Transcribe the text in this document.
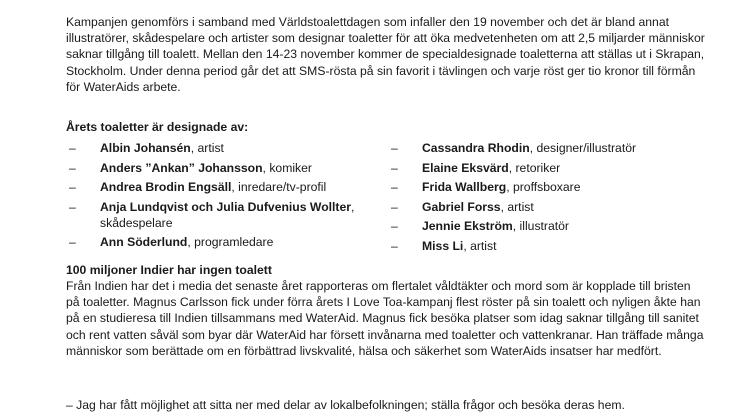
Kampanjen genomförs i samband med Världstoalettdagen som infaller den 19 november och det är bland annat illustratörer, skådespelare och artister som designar toaletter för att öka medvetenheten om att 2,5 miljarder människor saknar tillgång till toalett. Mellan den 14-23 november kommer de specialdesignade toaletterna att ställas ut i Skrapan, Stockholm. Under denna period går det att SMS-rösta på sin favorit i tävlingen och varje röst ger tio kronor till förmån för WaterAids arbete.

Årets toaletter är designade av:

– Albin Johansén, artist
– Anders ”Ankan” Johansson, komiker
– Andrea Brodin Engsäll, inredare/tv-profil
– Anja Lundqvist och Julia Dufvenius Wollter, skådespelare
– Ann Söderlund, programledare
– Cassandra Rhodin, designer/illustratör
– Elaine Eksvärd, retoriker
– Frida Wallberg, proffsboxare
– Gabriel Forss, artist
– Jennie Ekström, illustratör
– Miss Li, artist

100 miljoner Indier har ingen toalett

Från Indien har det i media det senaste året rapporteras om flertalet våldtäkter och mord som är kopplade till bristen på toaletter. Magnus Carlsson fick under förra årets I Love Toa-kampanj flest röster på sin toalett och nyligen åkte han på en studieresa till Indien tillsammans med WaterAid. Magnus fick besöka platser som idag saknar tillgång till sanitet och rent vatten såväl som byar där WaterAid har försett invånarna med toaletter och vattenkranar. Han träffade många människor som berättade om en förbättrad livskvalité, hälsa och säkerhet som WaterAids insatser har medfört.

– Jag har fått möjlighet att sitta ner med delar av lokalbefolkningen; ställa frågor och besöka deras hem.
